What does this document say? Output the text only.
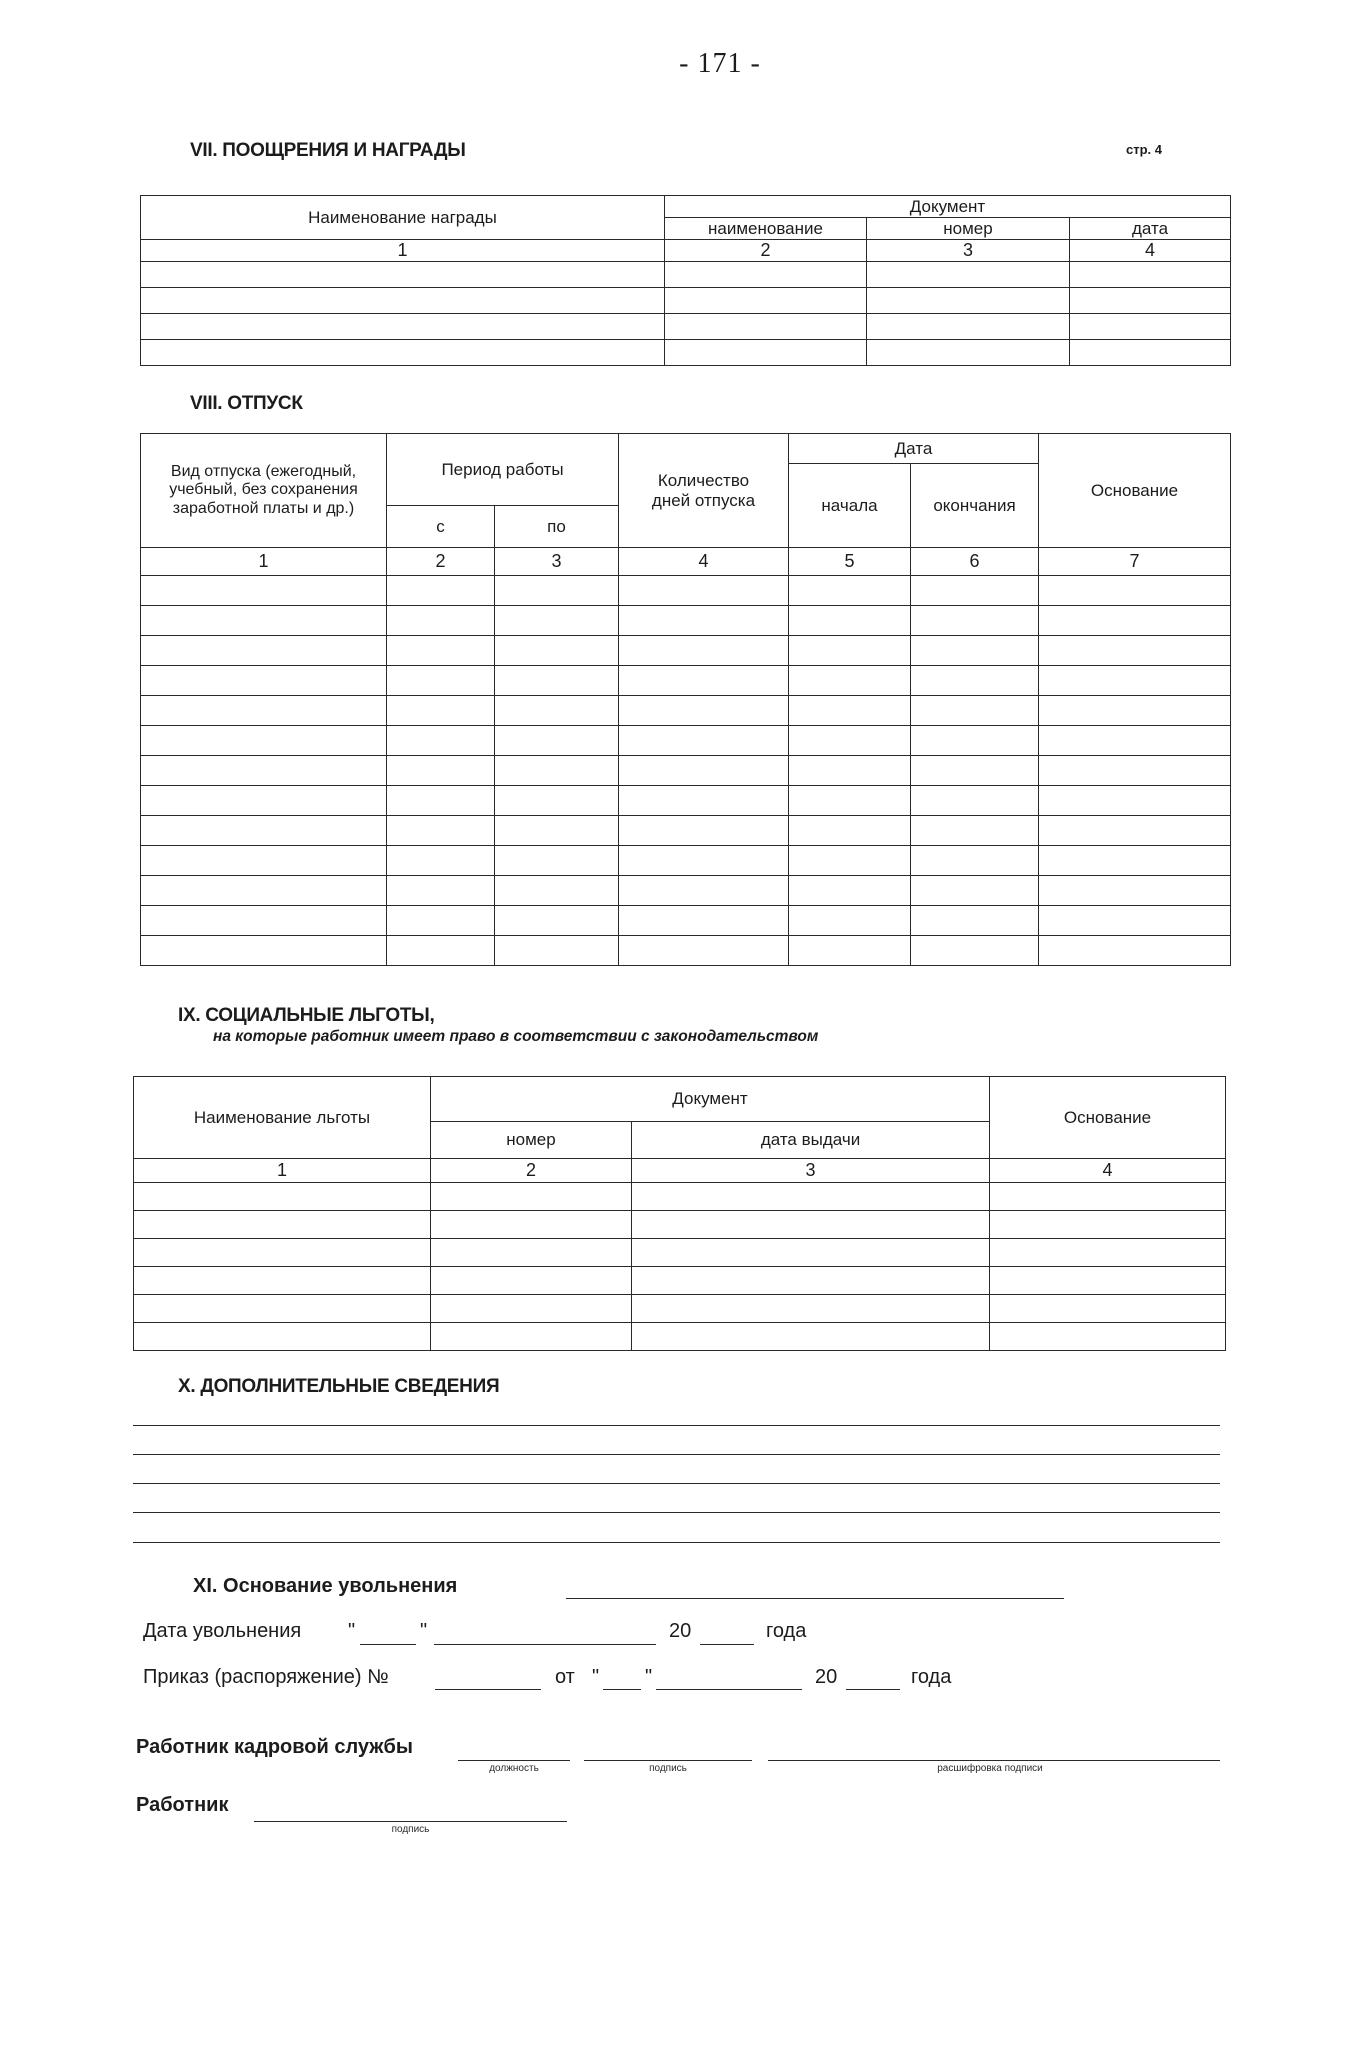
- 171 -
стр. 4
VII. ПООЩРЕНИЯ И НАГРАДЫ
Наименование награды	Документ		
	наименование	номер	дата
1	2	3	4

VIII. ОТПУСК
Вид отпуска (ежегодный, учебный, без сохранения заработной платы и др.)	Период работы		Количество дней отпуска	Дата		Основание
				начала	окончания	
	с	по				
1	2	3	4	5	6	7

IX. СОЦИАЛЬНЫЕ ЛЬГОТЫ,
на которые работник имеет право в соответствии с законодательством
Наименование льготы	Документ		Основание
	номер	дата выдачи	
1	2	3	4

X. ДОПОЛНИТЕЛЬНЫЕ СВЕДЕНИЯ
XI. Основание увольнения
Дата увольнения "	"	20	года
Приказ (распоряжение) №	от " "	20	года
Работник кадровой службы
должность	подпись	расшифровка подписи
Работник
подпись
